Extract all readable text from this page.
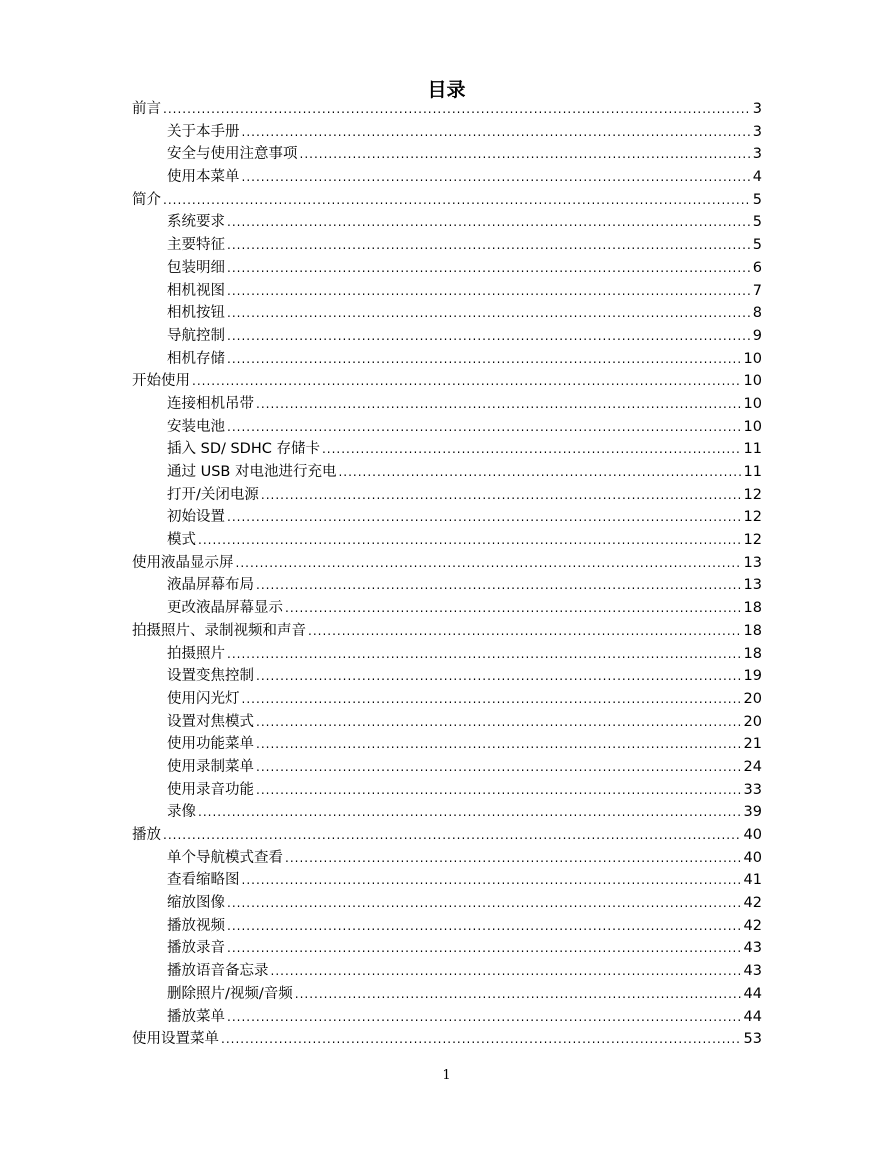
目录
前言 .....	3
关于本手册 .....	3
安全与使用注意事项 .....	3
使用本菜单 .....	4
简介 .....	5
系统要求 .....	5
主要特征 .....	5
包装明细 .....	6
相机视图 .....	7
相机按钮 .....	8
导航控制 .....	9
相机存储 .....	10
开始使用 .....	10
连接相机吊带 .....	10
安装电池 .....	10
插入 SD/ SDHC 存储卡 .....	11
通过 USB 对电池进行充电 .....	11
打开/关闭电源 .....	12
初始设置 .....	12
模式 .....	12
使用液晶显示屏 .....	13
液晶屏幕布局 .....	13
更改液晶屏幕显示 .....	18
拍摄照片、录制视频和声音 .....	18
拍摄照片 .....	18
设置变焦控制 .....	19
使用闪光灯 .....	20
设置对焦模式 .....	20
使用功能菜单 .....	21
使用录制菜单 .....	24
使用录音功能 .....	33
录像 .....	39
播放 .....	40
单个导航模式查看 .....	40
查看缩略图 .....	41
缩放图像 .....	42
播放视频 .....	42
播放录音 .....	43
播放语音备忘录 .....	43
删除照片/视频/音频 .....	44
播放菜单 .....	44
使用设置菜单 .....	53
1
